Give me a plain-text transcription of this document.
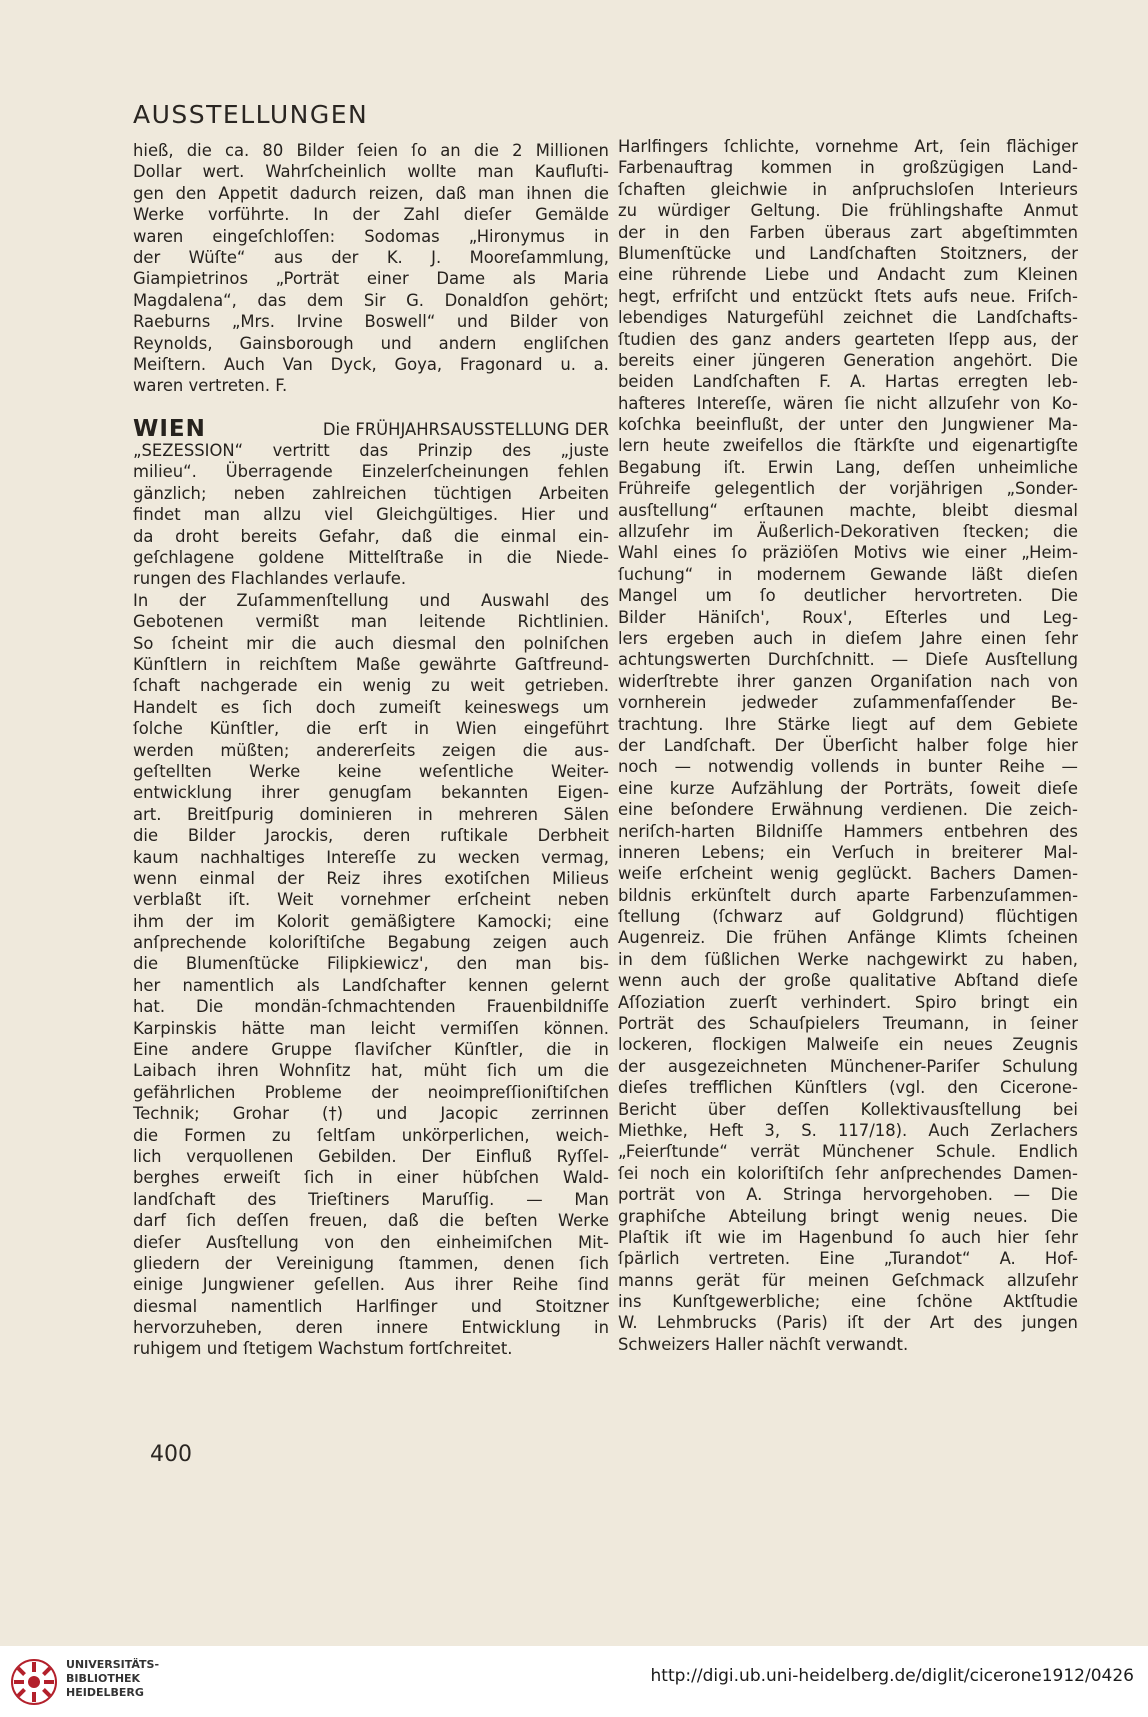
AUSSTELLUNGEN
hieß, die ca. 80 Bilder ſeien ſo an die 2 Millionen
Dollar wert. Wahrſcheinlich wollte man Kaufluſti-
gen den Appetit dadurch reizen, daß man ihnen die
Werke vorführte. In der Zahl dieſer Gemälde
waren eingeſchloſſen: Sodomas „Hironymus in
der Wüſte“ aus der K. J. Mooreſammlung,
Giampietrinos „Porträt einer Dame als Maria
Magdalena“, das dem Sir G. Donaldſon gehört;
Raeburns „Mrs. Irvine Boswell“ und Bilder von
Reynolds, Gainsborough und andern engliſchen
Meiſtern. Auch Van Dyck, Goya, Fragonard u. a.
waren vertreten. F.
WIEN	Die FRÜHJAHRSAUSSTELLUNG DER
„SEZESSION“ vertritt das Prinzip des „juste
milieu“. Überragende Einzelerſcheinungen fehlen
gänzlich; neben zahlreichen tüchtigen Arbeiten
findet man allzu viel Gleichgültiges. Hier und
da droht bereits Gefahr, daß die einmal ein-
geſchlagene goldene Mittelſtraße in die Niede-
rungen des Flachlandes verlaufe.
In der Zuſammenſtellung und Auswahl des
Gebotenen vermißt man leitende Richtlinien.
So ſcheint mir die auch diesmal den polniſchen
Künſtlern in reichſtem Maße gewährte Gaſtfreund-
ſchaft nachgerade ein wenig zu weit getrieben.
Handelt es ſich doch zumeiſt keineswegs um
ſolche Künſtler, die erſt in Wien eingeführt
werden müßten; andererſeits zeigen die aus-
geſtellten Werke keine weſentliche Weiter-
entwicklung ihrer genugſam bekannten Eigen-
art. Breitſpurig dominieren in mehreren Sälen
die Bilder Jarockis, deren ruſtikale Derbheit
kaum nachhaltiges Intereſſe zu wecken vermag,
wenn einmal der Reiz ihres exotiſchen Milieus
verblaßt iſt. Weit vornehmer erſcheint neben
ihm der im Kolorit gemäßigtere Kamocki; eine
anſprechende koloriſtiſche Begabung zeigen auch
die Blumenſtücke Filipkiewicz', den man bis-
her namentlich als Landſchafter kennen gelernt
hat. Die mondän-ſchmachtenden Frauenbildniſſe
Karpinskis hätte man leicht vermiſſen können.
Eine andere Gruppe ſlaviſcher Künſtler, die in
Laibach ihren Wohnſitz hat, müht ſich um die
gefährlichen Probleme der neoimpreſſioniſtiſchen
Technik; Grohar (†) und Jacopic zerrinnen
die Formen zu ſeltſam unkörperlichen, weich-
lich verquollenen Gebilden. Der Einfluß Ryſſel-
berghes erweiſt ſich in einer hübſchen Wald-
landſchaft des Trieſtiners Maruſſig. — Man
darf ſich deſſen freuen, daß die beſten Werke
dieſer Ausſtellung von den einheimiſchen Mit-
gliedern der Vereinigung ſtammen, denen ſich
einige Jungwiener geſellen. Aus ihrer Reihe ſind
diesmal namentlich Harlfinger und Stoitzner
hervorzuheben, deren innere Entwicklung in
ruhigem und ſtetigem Wachstum fortſchreitet.
Harlfingers ſchlichte, vornehme Art, ſein flächiger
Farbenauftrag kommen in großzügigen Land-
ſchaften gleichwie in anſpruchsloſen Interieurs
zu würdiger Geltung. Die frühlingshafte Anmut
der in den Farben überaus zart abgeſtimmten
Blumenſtücke und Landſchaften Stoitzners, der
eine rührende Liebe und Andacht zum Kleinen
hegt, erfriſcht und entzückt ſtets aufs neue. Friſch-
lebendiges Naturgefühl zeichnet die Landſchafts-
ſtudien des ganz anders gearteten Iſepp aus, der
bereits einer jüngeren Generation angehört. Die
beiden Landſchaften F. A. Hartas erregten leb-
hafteres Intereſſe, wären ſie nicht allzuſehr von Ko-
koſchka beeinflußt, der unter den Jungwiener Ma-
lern heute zweifellos die ſtärkſte und eigenartigſte
Begabung iſt. Erwin Lang, deſſen unheimliche
Frühreife gelegentlich der vorjährigen „Sonder-
ausſtellung“ erſtaunen machte, bleibt diesmal
allzuſehr im Äußerlich-Dekorativen ſtecken; die
Wahl eines ſo präziöſen Motivs wie einer „Heim-
ſuchung“ in modernem Gewande läßt dieſen
Mangel um ſo deutlicher hervortreten. Die
Bilder Häniſch', Roux', Eſterles und Leg-
lers ergeben auch in dieſem Jahre einen ſehr
achtungswerten Durchſchnitt. — Dieſe Ausſtellung
widerſtrebte ihrer ganzen Organiſation nach von
vornherein jedweder zuſammenfaſſender Be-
trachtung. Ihre Stärke liegt auf dem Gebiete
der Landſchaft. Der Überſicht halber folge hier
noch — notwendig vollends in bunter Reihe —
eine kurze Aufzählung der Porträts, ſoweit dieſe
eine beſondere Erwähnung verdienen. Die zeich-
neriſch-harten Bildniſſe Hammers entbehren des
inneren Lebens; ein Verſuch in breiterer Mal-
weiſe erſcheint wenig geglückt. Bachers Damen-
bildnis erkünſtelt durch aparte Farbenzuſammen-
ſtellung (ſchwarz auf Goldgrund) flüchtigen
Augenreiz. Die frühen Anfänge Klimts ſcheinen
in dem ſüßlichen Werke nachgewirkt zu haben,
wenn auch der große qualitative Abſtand dieſe
Aſſoziation zuerſt verhindert. Spiro bringt ein
Porträt des Schauſpielers Treumann, in ſeiner
lockeren, flockigen Malweiſe ein neues Zeugnis
der ausgezeichneten Münchener-Pariſer Schulung
dieſes trefflichen Künſtlers (vgl. den Cicerone-
Bericht über deſſen Kollektivausſtellung bei
Miethke, Heft 3, S. 117/18). Auch Zerlachers
„Feierſtunde“ verrät Münchener Schule. Endlich
ſei noch ein koloriſtiſch ſehr anſprechendes Damen-
porträt von A. Stringa hervorgehoben. — Die
graphiſche Abteilung bringt wenig neues. Die
Plaſtik iſt wie im Hagenbund ſo auch hier ſehr
ſpärlich vertreten. Eine „Turandot“ A. Hof-
manns gerät für meinen Geſchmack allzuſehr
ins Kunſtgewerbliche; eine ſchöne Aktſtudie
W. Lehmbrucks (Paris) iſt der Art des jungen
Schweizers Haller nächſt verwandt.
400
UNIVERSITÄTS-
BIBLIOTHEK
HEIDELBERG
http://digi.ub.uni-heidelberg.de/diglit/cicerone1912/0426
